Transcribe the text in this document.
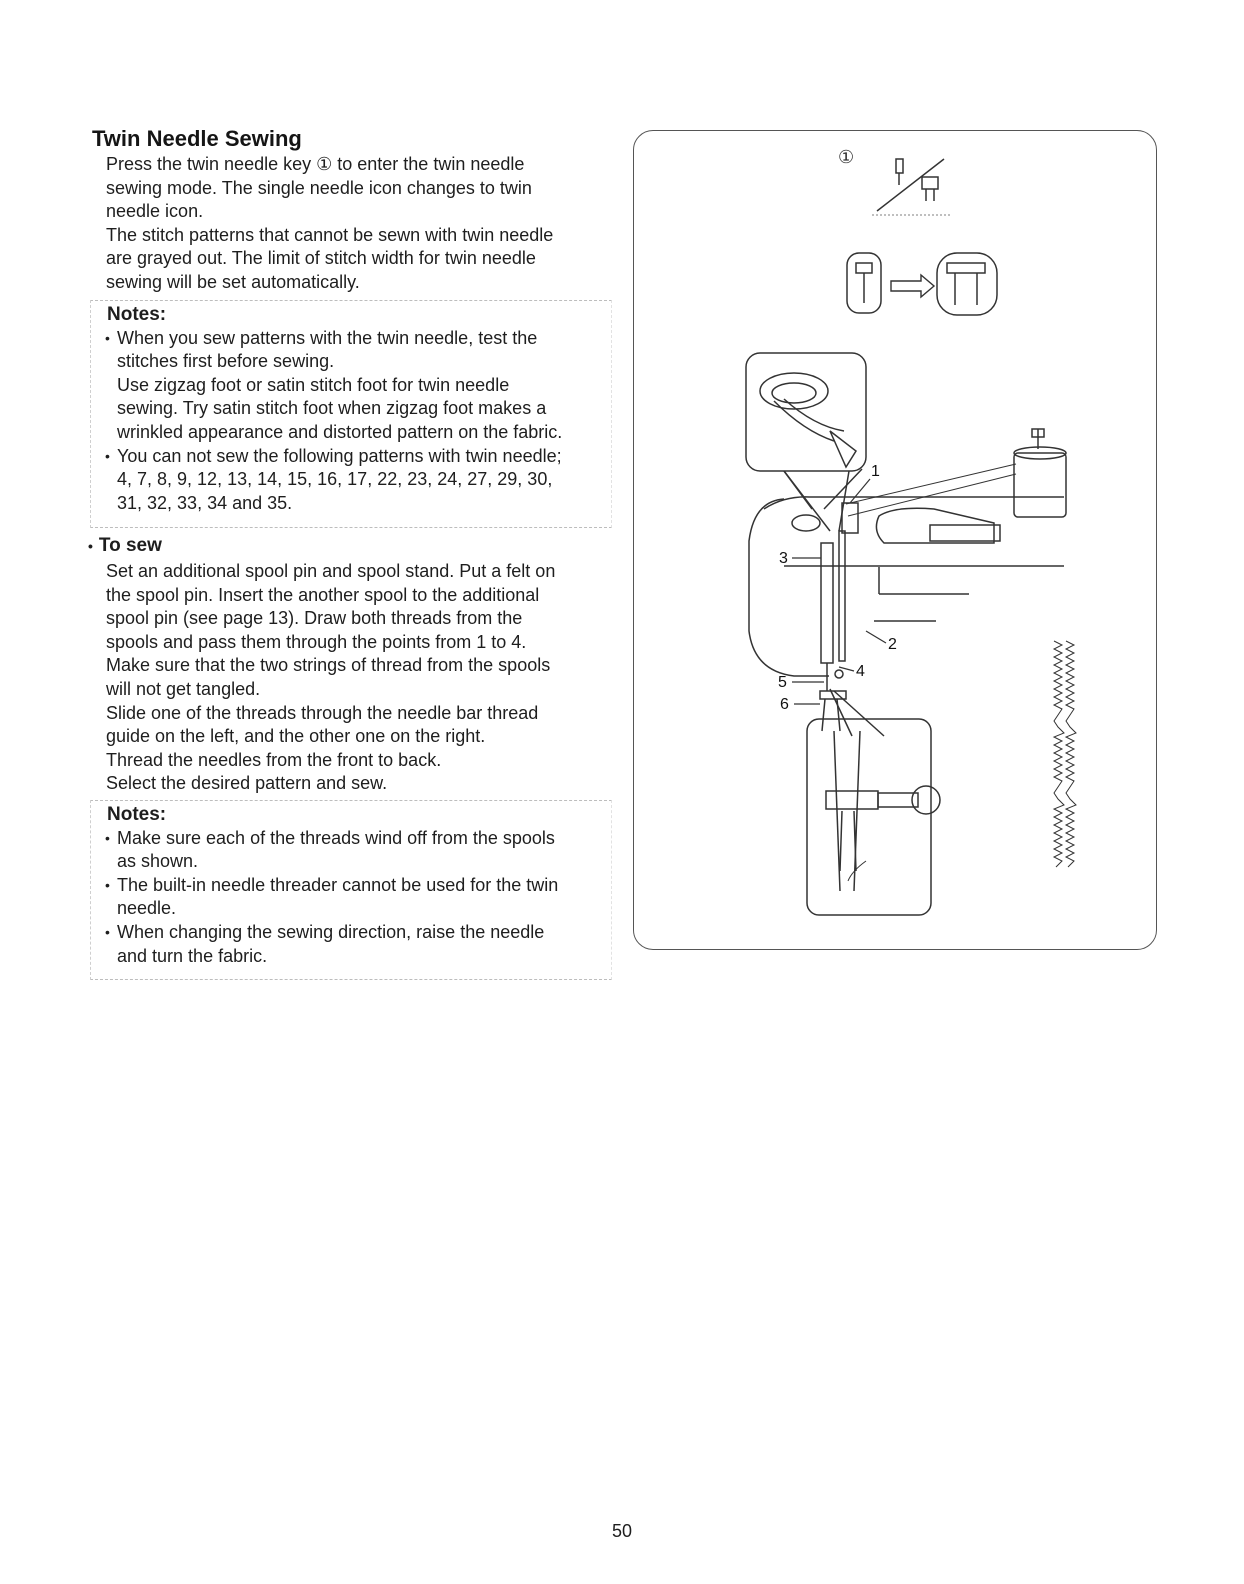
Twin Needle Sewing
Press the twin needle key ① to enter the twin needle
sewing mode. The single needle icon changes to twin
needle icon.
The stitch patterns that cannot be sewn with twin needle
are grayed out. The limit of stitch width for twin needle
sewing will be set automatically.
Notes:
• When you sew patterns with the twin needle, test the
stitches first before sewing.
Use zigzag foot or satin stitch foot for twin needle
sewing. Try satin stitch foot when zigzag foot makes a
wrinkled appearance and distorted pattern on the fabric.
• You can not sew the following patterns with twin needle;
4, 7, 8, 9, 12, 13, 14, 15, 16, 17, 22, 23, 24, 27, 29, 30,
31, 32, 33, 34 and 35.
• To sew
Set an additional spool pin and spool stand. Put a felt on
the spool pin. Insert the another spool to the additional
spool pin (see page 13). Draw both threads from the
spools and pass them through the points from 1 to 4.
Make sure that the two strings of thread from the spools
will not get tangled.
Slide one of the threads through the needle bar thread
guide on the left, and the other one on the right.
Thread the needles from the front to back.
Select the desired pattern and sew.
Notes:
• Make sure each of the threads wind off from the spools
as shown.
• The built-in needle threader cannot be used for the twin
needle.
• When changing the sewing direction, raise the needle
and turn the fabric.
①
1
2
3
4
5
6
50
